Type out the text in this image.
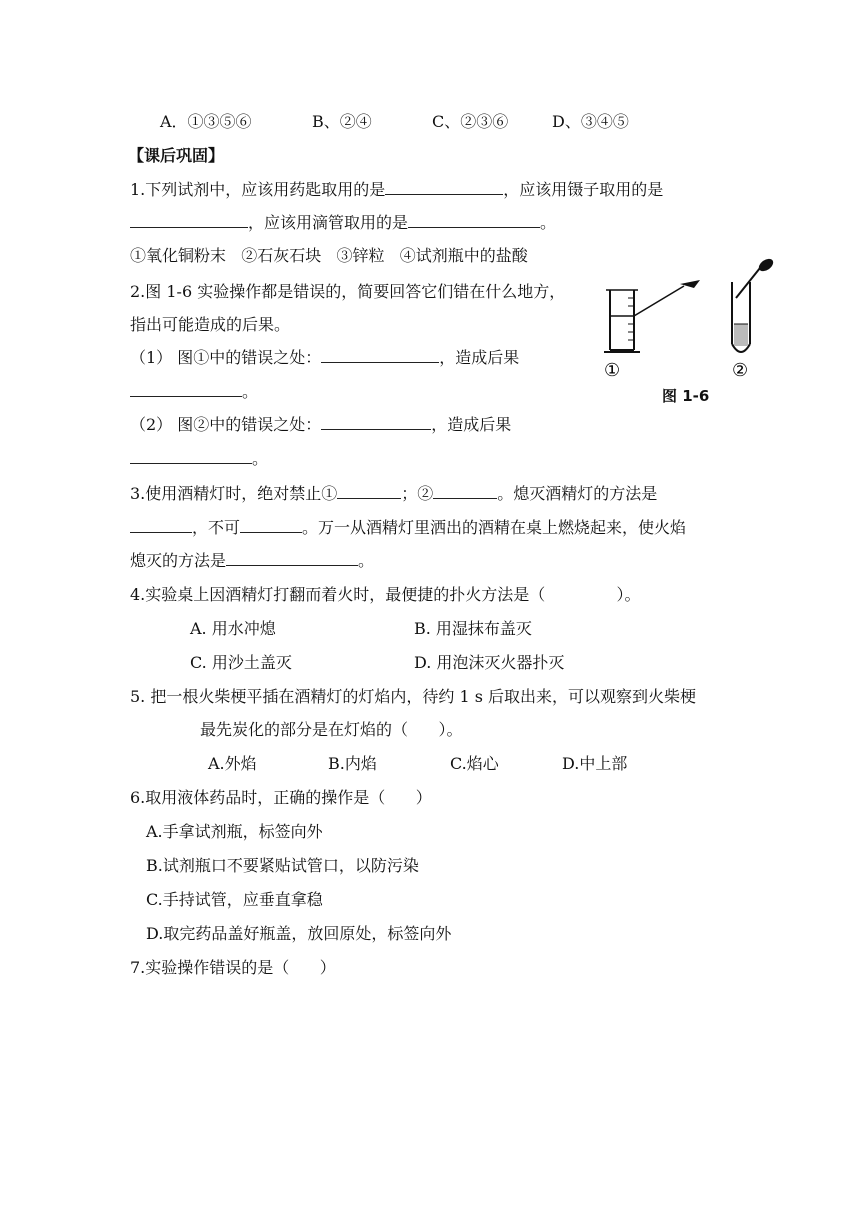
A．①③⑤⑥	B、②④	C、②③⑥	D、③④⑤
【课后巩固】
1.下列试剂中，应该用药匙取用的是	，应该用镊子取用的是
，应该用滴管取用的是	。
①氧化铜粉末   ②石灰石块   ③锌粒   ④试剂瓶中的盐酸
2.图 1-6 实验操作都是错误的，简要回答它们错在什么地方，
指出可能造成的后果。
（1） 图①中的错误之处：	，造成后果
。
（2） 图②中的错误之处：	，造成后果
。
①	②
图 1-6
3.使用酒精灯时，绝对禁止①	；②	。熄灭酒精灯的方法是
，不可	。万一从酒精灯里洒出的酒精在桌上燃烧起来，使火焰
熄灭的方法是	。
4.实验桌上因酒精灯打翻而着火时，最便捷的扑火方法是（              ）。
A. 用水冲熄	B. 用湿抹布盖灭
C. 用沙土盖灭	D. 用泡沫灭火器扑灭
5. 把一根火柴梗平插在酒精灯的灯焰内，待约 1 s 后取出来，可以观察到火柴梗
最先炭化的部分是在灯焰的（      ）。
A.外焰	B.内焰	C.焰心	D.中上部
6.取用液体药品时，正确的操作是（      ）
A.手拿试剂瓶，标签向外
B.试剂瓶口不要紧贴试管口，以防污染
C.手持试管，应垂直拿稳
D.取完药品盖好瓶盖，放回原处，标签向外
7.实验操作错误的是（      ）
